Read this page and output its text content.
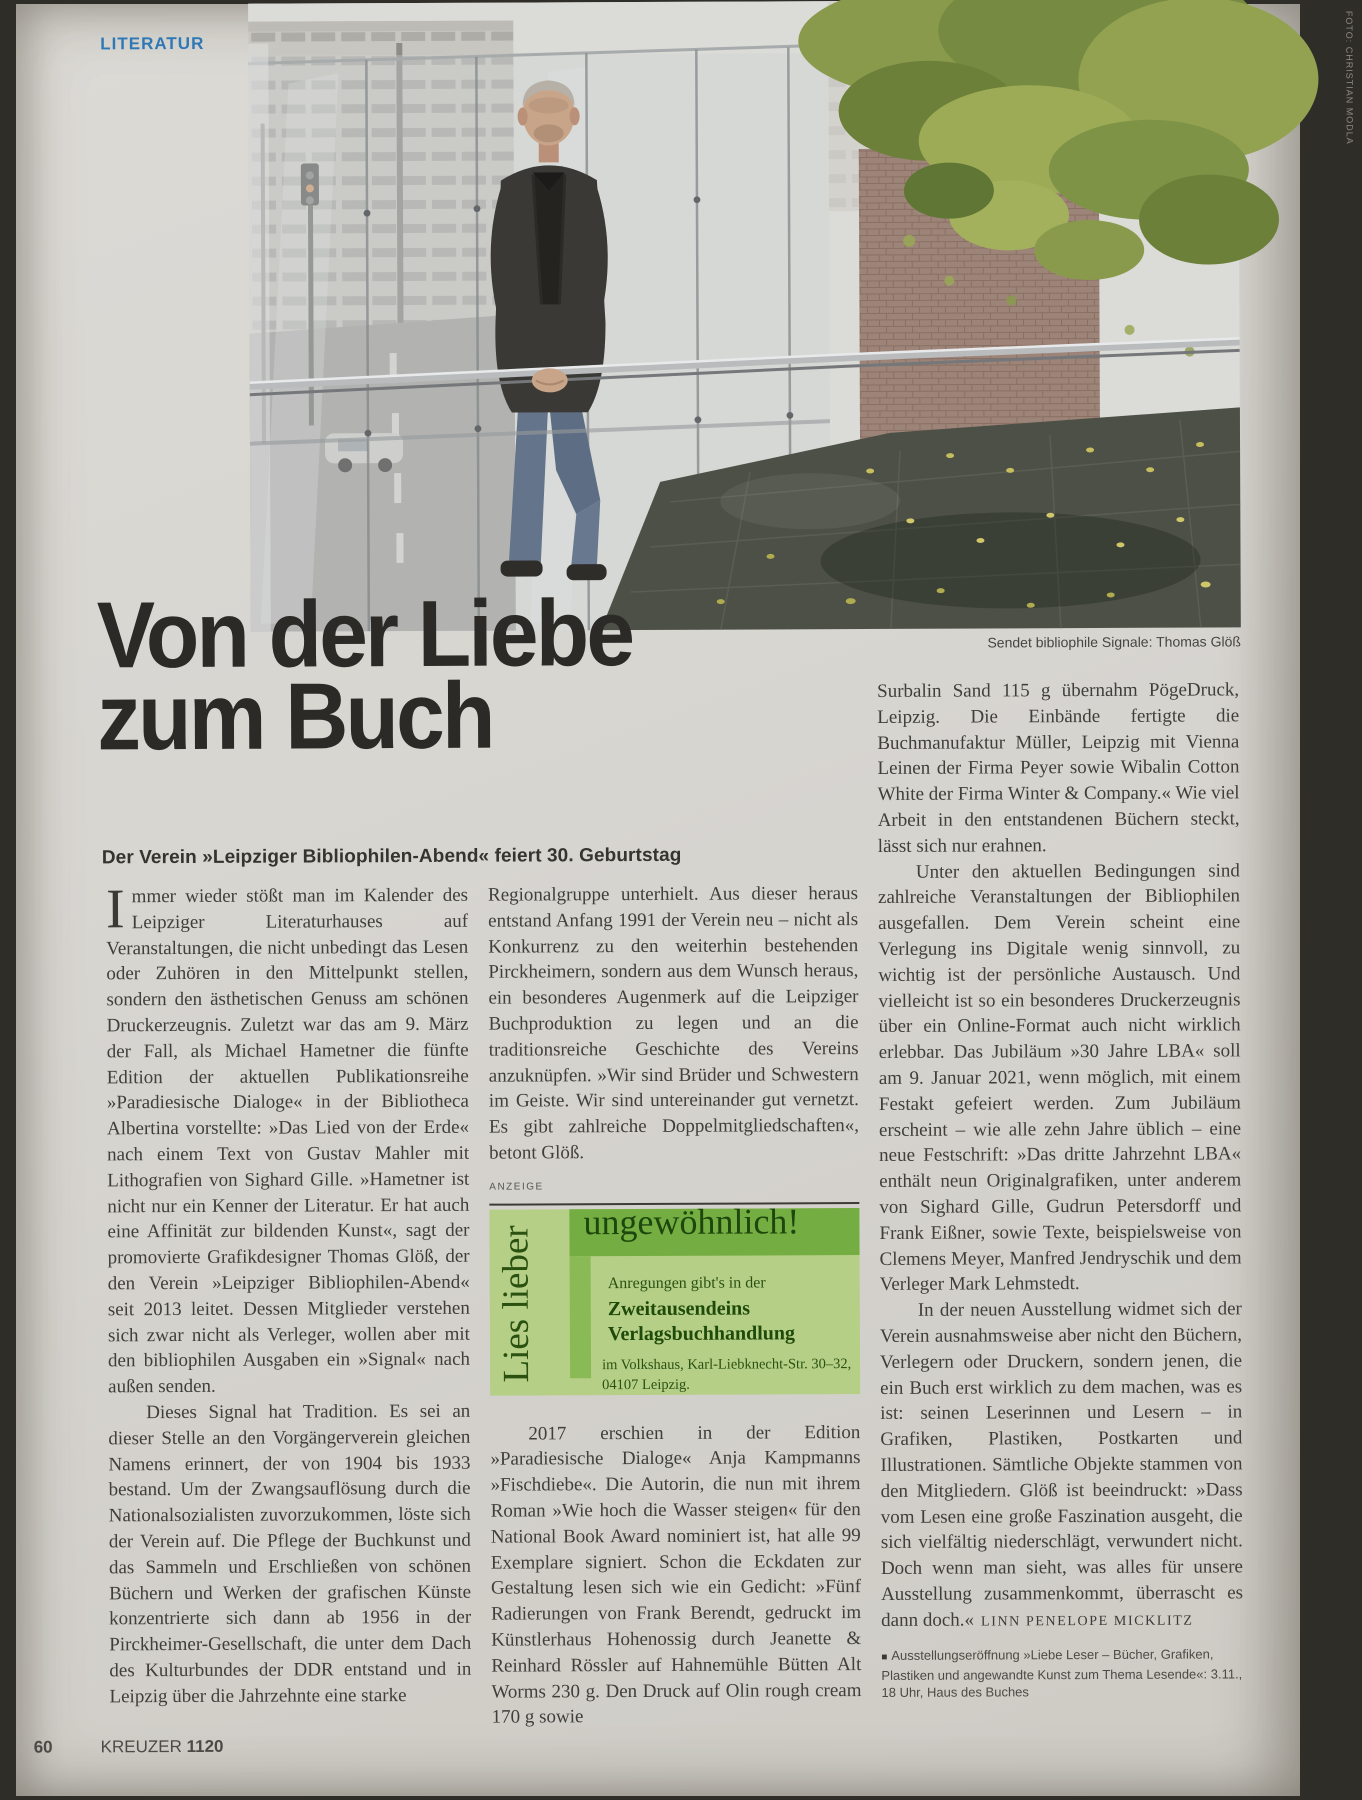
LITERATUR	FOTO: CHRISTIAN MODLA
Sendet bibliophile Signale: Thomas Glöß
Von der Liebe
zum Buch
Der Verein »Leipziger Bibliophilen-Abend« feiert 30. Geburtstag

Immer wieder stößt man im Kalender des Leipziger Literaturhauses auf Veranstaltungen, die nicht unbedingt das Lesen oder Zuhören in den Mittelpunkt stellen, sondern den ästhetischen Genuss am schönen Druckerzeugnis. Zuletzt war das am 9. März der Fall, als Michael Hametner die fünfte Edition der aktuellen Publikationsreihe »Paradiesische Dialoge« in der Bibliotheca Albertina vorstellte: »Das Lied von der Erde« nach einem Text von Gustav Mahler mit Lithografien von Sighard Gille. »Hametner ist nicht nur ein Kenner der Literatur. Er hat auch eine Affinität zur bildenden Kunst«, sagt der promovierte Grafikdesigner Thomas Glöß, der den Verein »Leipziger Bibliophilen-Abend« seit 2013 leitet. Dessen Mitglieder verstehen sich zwar nicht als Verleger, wollen aber mit den bibliophilen Ausgaben ein »Signal« nach außen senden.

Dieses Signal hat Tradition. Es sei an dieser Stelle an den Vorgängerverein gleichen Namens erinnert, der von 1904 bis 1933 bestand. Um der Zwangsauflösung durch die Nationalsozialisten zuvorzukommen, löste sich der Verein auf. Die Pflege der Buchkunst und das Sammeln und Erschließen von schönen Büchern und Werken der grafischen Künste konzentrierte sich dann ab 1956 in der Pirckheimer-Gesellschaft, die unter dem Dach des Kulturbundes der DDR entstand und in Leipzig über die Jahrzehnte eine starke

Regionalgruppe unterhielt. Aus dieser heraus entstand Anfang 1991 der Verein neu – nicht als Konkurrenz zu den weiterhin bestehenden Pirckheimern, sondern aus dem Wunsch heraus, ein besonderes Augenmerk auf die Leipziger Buchproduktion zu legen und an die traditionsreiche Geschichte des Vereins anzuknüpfen. »Wir sind Brüder und Schwestern im Geiste. Wir sind untereinander gut vernetzt. Es gibt zahlreiche Doppelmitgliedschaften«, betont Glöß.

ANZEIGE
Lies lieber
ungewöhnlich!
Anregungen gibt's in der
Zweitausendeins
Verlagsbuchhandlung
im Volkshaus, Karl-Liebknecht-Str. 30–32,
04107 Leipzig.

2017 erschien in der Edition »Paradiesische Dialoge« Anja Kampmanns »Fischdiebe«. Die Autorin, die nun mit ihrem Roman »Wie hoch die Wasser steigen« für den National Book Award nominiert ist, hat alle 99 Exemplare signiert. Schon die Eckdaten zur Gestaltung lesen sich wie ein Gedicht: »Fünf Radierungen von Frank Berendt, gedruckt im Künstlerhaus Hohenossig durch Jeanette & Reinhard Rössler auf Hahnemühle Bütten Alt Worms 230 g. Den Druck auf Olin rough cream 170 g sowie

Surbalin Sand 115 g übernahm PögeDruck, Leipzig. Die Einbände fertigte die Buchmanufaktur Müller, Leipzig mit Vienna Leinen der Firma Peyer sowie Wibalin Cotton White der Firma Winter & Company.« Wie viel Arbeit in den entstandenen Büchern steckt, lässt sich nur erahnen.

Unter den aktuellen Bedingungen sind zahlreiche Veranstaltungen der Bibliophilen ausgefallen. Dem Verein scheint eine Verlegung ins Digitale wenig sinnvoll, zu wichtig ist der persönliche Austausch. Und vielleicht ist so ein besonderes Druckerzeugnis über ein Online-Format auch nicht wirklich erlebbar. Das Jubiläum »30 Jahre LBA« soll am 9. Januar 2021, wenn möglich, mit einem Festakt gefeiert werden. Zum Jubiläum erscheint – wie alle zehn Jahre üblich – eine neue Festschrift: »Das dritte Jahrzehnt LBA« enthält neun Originalgrafiken, unter anderem von Sighard Gille, Gudrun Petersdorff und Frank Eißner, sowie Texte, beispielsweise von Clemens Meyer, Manfred Jendryschik und dem Verleger Mark Lehmstedt.

In der neuen Ausstellung widmet sich der Verein ausnahmsweise aber nicht den Büchern, Verlegern oder Druckern, sondern jenen, die ein Buch erst wirklich zu dem machen, was es ist: seinen Leserinnen und Lesern – in Grafiken, Plastiken, Postkarten und Illustrationen. Sämtliche Objekte stammen von den Mitgliedern. Glöß ist beeindruckt: »Dass vom Lesen eine große Faszination ausgeht, die sich vielfältig niederschlägt, verwundert nicht. Doch wenn man sieht, was alles für unsere Ausstellung zusammenkommt, überrascht es dann doch.« LINN PENELOPE MICKLITZ

■ Ausstellungseröffnung »Liebe Leser – Bücher, Grafiken, Plastiken und angewandte Kunst zum Thema Lesende«: 3.11., 18 Uhr, Haus des Buches
60	KREUZER 1120
